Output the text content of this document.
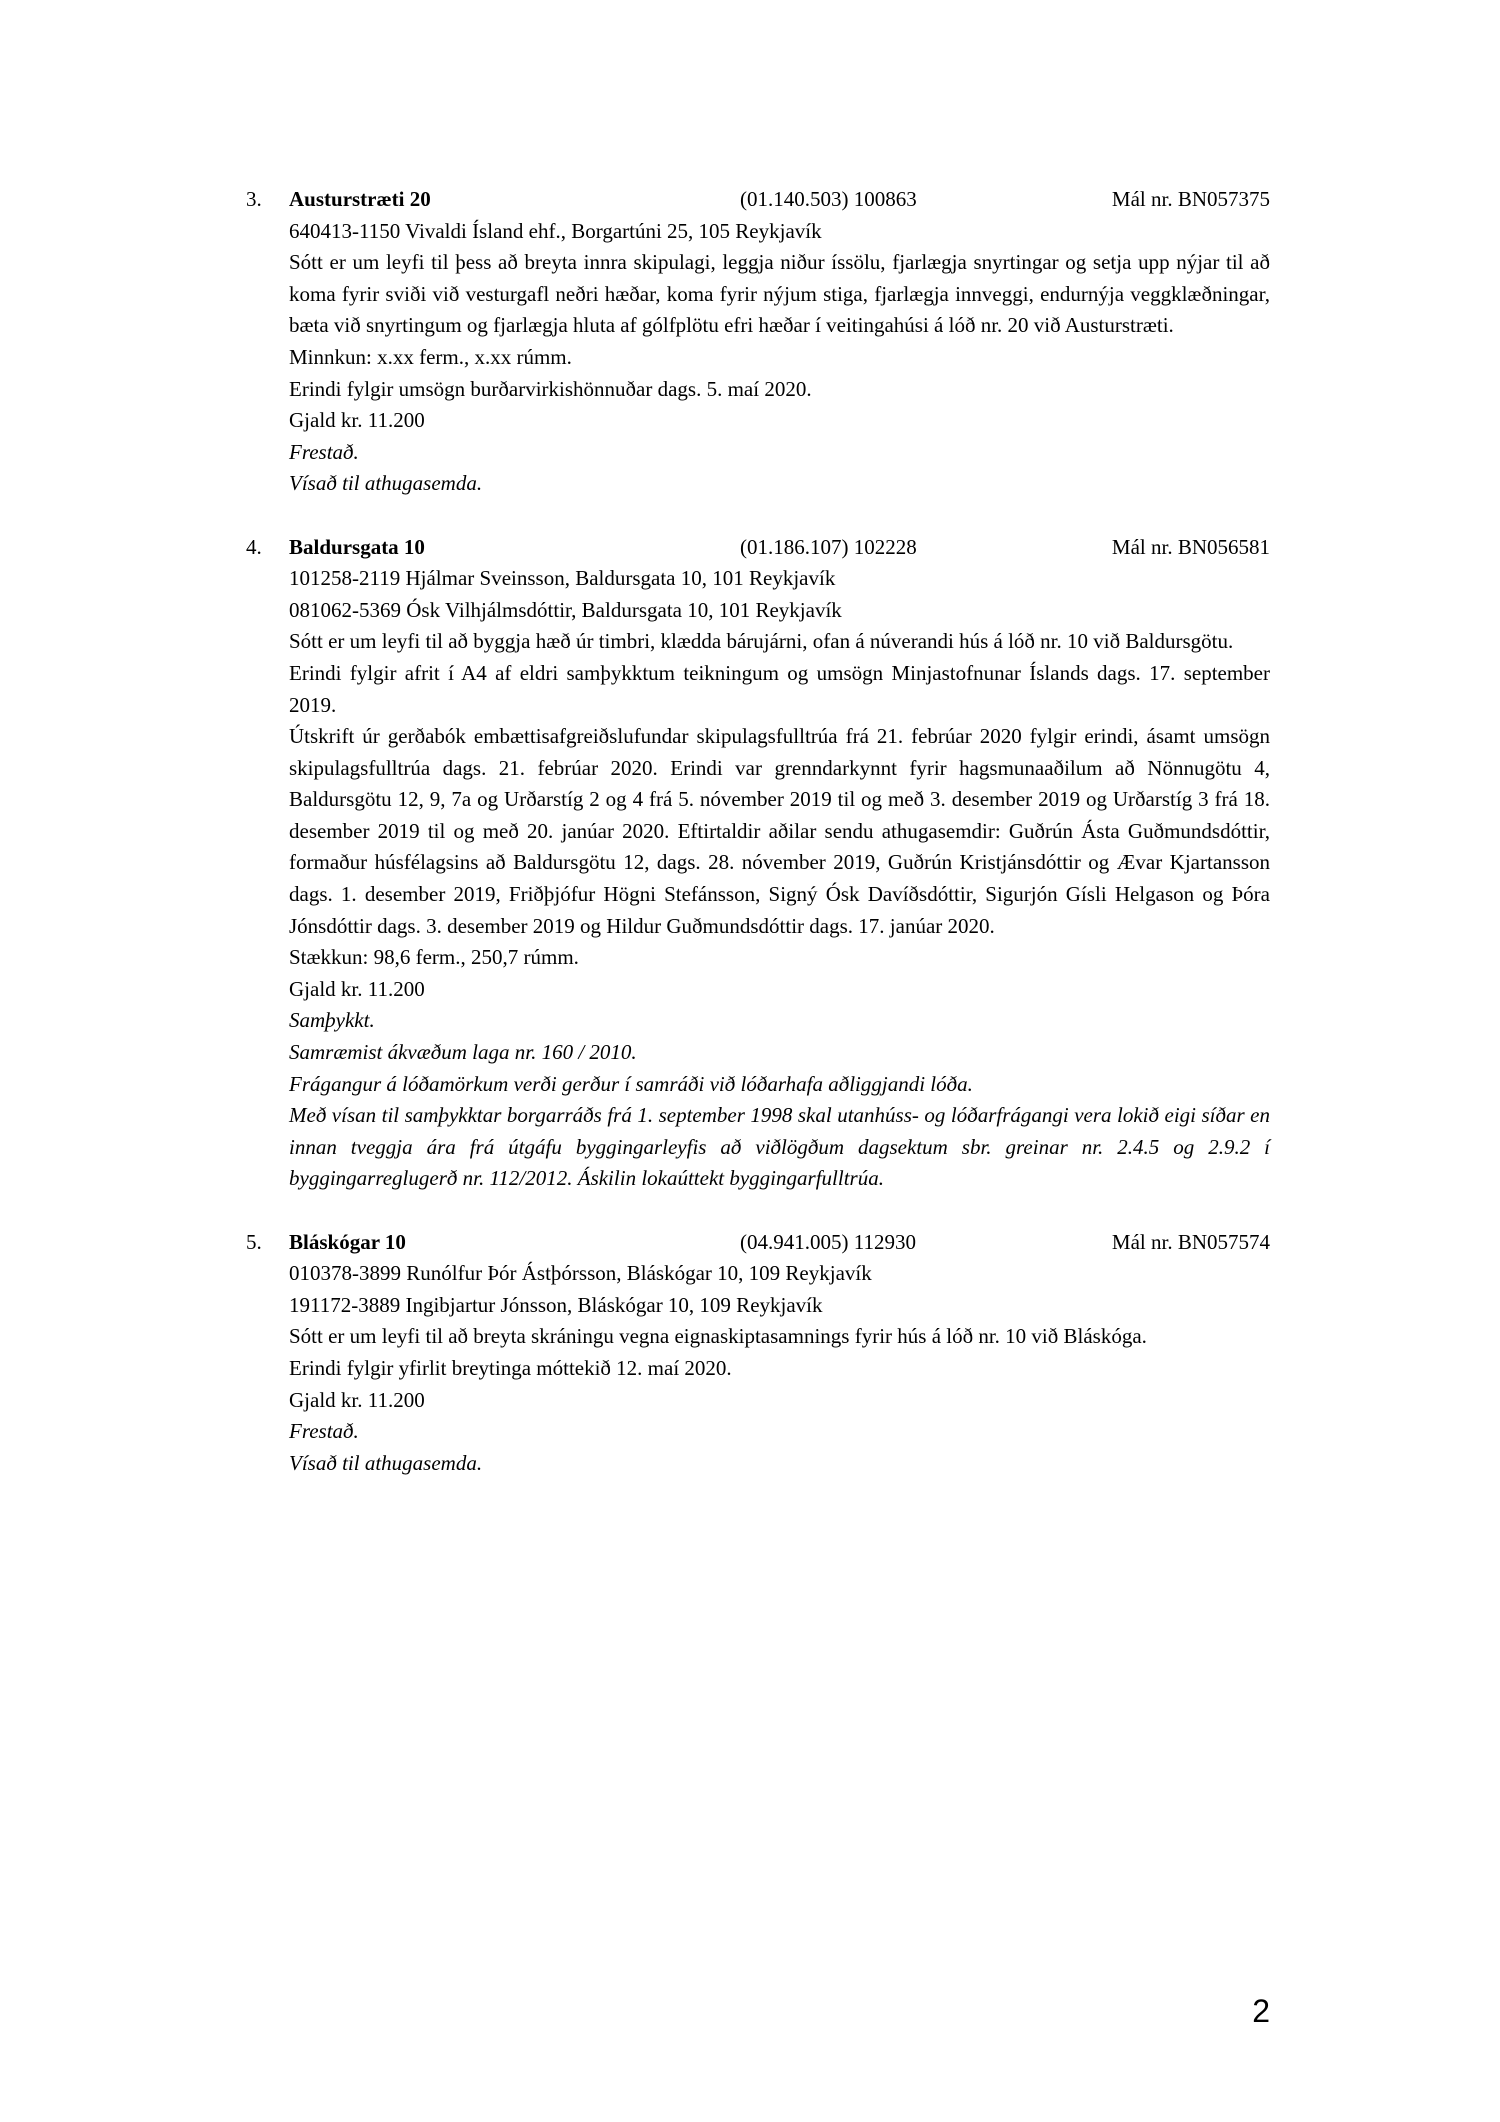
3. Austurstræti 20	(01.140.503) 100863	Mál nr. BN057375
640413-1150 Vivaldi Ísland ehf., Borgartúni 25, 105 Reykjavík
Sótt er um leyfi til þess að breyta innra skipulagi, leggja niður íssölu, fjarlægja snyrtingar og setja upp nýjar til að koma fyrir sviði við vesturgafl neðri hæðar, koma fyrir nýjum stiga, fjarlægja innveggi, endurnýja veggklæðningar, bæta við snyrtingum og fjarlægja hluta af gólfplötu efri hæðar í veitingahúsi á lóð nr. 20 við Austurstræti.
Minnkun: x.xx ferm., x.xx rúmm.
Erindi fylgir umsögn burðarvirkishönnuðar dags. 5. maí 2020.
Gjald kr. 11.200
Frestað.
Vísað til athugasemda.
4. Baldursgata 10	(01.186.107) 102228	Mál nr. BN056581
101258-2119 Hjálmar Sveinsson, Baldursgata 10, 101 Reykjavík
081062-5369 Ósk Vilhjálmsdóttir, Baldursgata 10, 101 Reykjavík
Sótt er um leyfi til að byggja hæð úr timbri, klædda bárujárni, ofan á núverandi hús á lóð nr. 10 við Baldursgötu.
Erindi fylgir afrit í A4 af eldri samþykktum teikningum og umsögn Minjastofnunar Íslands dags. 17. september 2019.
Útskrift úr gerðabók embættisafgreiðslufundar skipulagsfulltrúa frá 21. febrúar 2020 fylgir erindi, ásamt umsögn skipulagsfulltrúa dags. 21. febrúar 2020. Erindi var grenndarkynnt fyrir hagsmunaaðilum að Nönnugötu 4, Baldursgötu 12, 9, 7a og Urðarstíg 2 og 4 frá 5. nóvember 2019 til og með 3. desember 2019 og Urðarstíg 3 frá 18. desember 2019 til og með 20. janúar 2020. Eftirtaldir aðilar sendu athugasemdir: Guðrún Ásta Guðmundsdóttir, formaður húsfélagsins að Baldursgötu 12, dags. 28. nóvember 2019, Guðrún Kristjánsdóttir og Ævar Kjartansson dags. 1. desember 2019, Friðþjófur Högni Stefánsson, Signý Ósk Davíðsdóttir, Sigurjón Gísli Helgason og Þóra Jónsdóttir dags. 3. desember 2019 og Hildur Guðmundsdóttir dags. 17. janúar 2020.
Stækkun: 98,6 ferm., 250,7 rúmm.
Gjald kr. 11.200
Samþykkt.
Samræmist ákvæðum laga nr. 160 / 2010.
Frágangur á lóðamörkum verði gerður í samráði við lóðarhafa aðliggjandi lóða.
Með vísan til samþykktar borgarráðs frá 1. september 1998 skal utanhúss- og lóðarfrágangi vera lokið eigi síðar en innan tveggja ára frá útgáfu byggingarleyfis að viðlögðum dagsektum sbr. greinar nr. 2.4.5 og 2.9.2 í byggingarreglugerð nr. 112/2012. Áskilin lokaúttekt byggingarfulltrúa.
5. Bláskógar 10	(04.941.005) 112930	Mál nr. BN057574
010378-3899 Runólfur Þór Ástþórsson, Bláskógar 10, 109 Reykjavík
191172-3889 Ingibjartur Jónsson, Bláskógar 10, 109 Reykjavík
Sótt er um leyfi til að breyta skráningu vegna eignaskiptasamnings fyrir hús á lóð nr. 10 við Bláskóga.
Erindi fylgir yfirlit breytinga móttekið 12. maí 2020.
Gjald kr. 11.200
Frestað.
Vísað til athugasemda.
2
